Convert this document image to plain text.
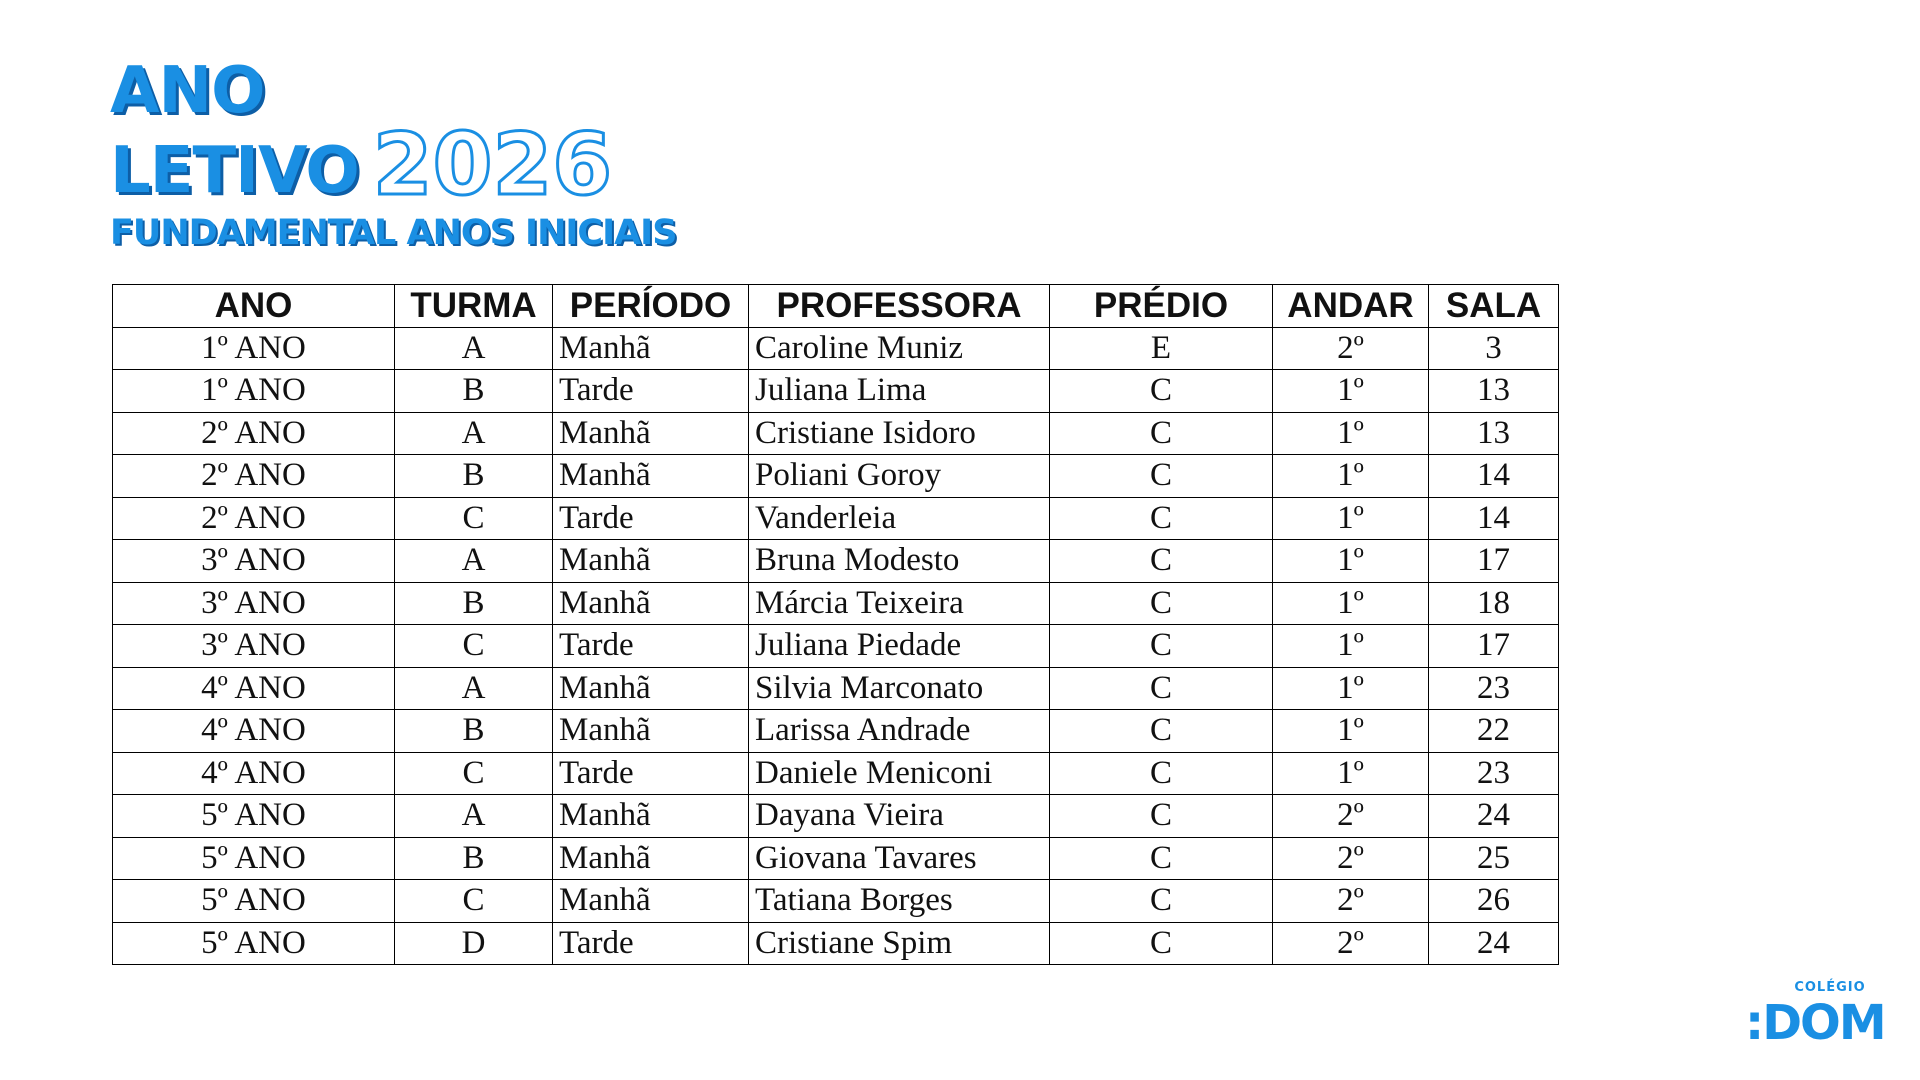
ANO
LETIVO 2026
FUNDAMENTAL ANOS INICIAIS
ANO	TURMA	PERÍODO	PROFESSORA	PRÉDIO	ANDAR	SALA
1º ANO	A	Manhã	Caroline Muniz	E	2º	3
1º ANO	B	Tarde	Juliana Lima	C	1º	13
2º ANO	A	Manhã	Cristiane Isidoro	C	1º	13
2º ANO	B	Manhã	Poliani Goroy	C	1º	14
2º ANO	C	Tarde	Vanderleia	C	1º	14
3º ANO	A	Manhã	Bruna Modesto	C	1º	17
3º ANO	B	Manhã	Márcia Teixeira	C	1º	18
3º ANO	C	Tarde	Juliana Piedade	C	1º	17
4º ANO	A	Manhã	Silvia Marconato	C	1º	23
4º ANO	B	Manhã	Larissa Andrade	C	1º	22
4º ANO	C	Tarde	Daniele Meniconi	C	1º	23
5º ANO	A	Manhã	Dayana Vieira	C	2º	24
5º ANO	B	Manhã	Giovana Tavares	C	2º	25
5º ANO	C	Manhã	Tatiana Borges	C	2º	26
5º ANO	D	Tarde	Cristiane Spim	C	2º	24
COLÉGIO
:DOM
